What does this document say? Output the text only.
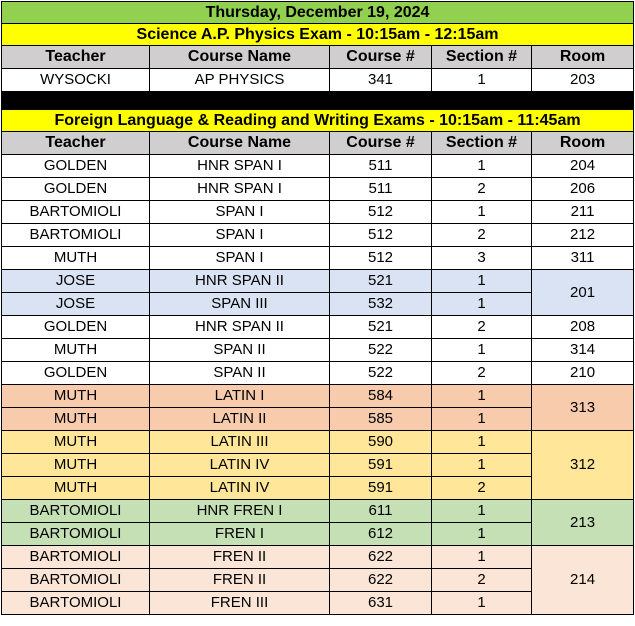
Thursday, December 19, 2024				
Science A.P. Physics Exam - 10:15am - 12:15am				
Teacher	Course Name	Course #	Section #	Room
WYSOCKI	AP PHYSICS	341	1	203

Foreign Language & Reading and Writing Exams - 10:15am - 11:45am				
Teacher	Course Name	Course #	Section #	Room
GOLDEN	HNR SPAN I	511	1	204
GOLDEN	HNR SPAN I	511	2	206
BARTOMIOLI	SPAN I	512	1	211
BARTOMIOLI	SPAN I	512	2	212
MUTH	SPAN I	512	3	311
JOSE	HNR SPAN II	521	1	201
JOSE	SPAN III	532	1	
GOLDEN	HNR SPAN II	521	2	208
MUTH	SPAN II	522	1	314
GOLDEN	SPAN II	522	2	210
MUTH	LATIN I	584	1	313
MUTH	LATIN II	585	1	
MUTH	LATIN III	590	1	312
MUTH	LATIN IV	591	1	
MUTH	LATIN IV	591	2	
BARTOMIOLI	HNR FREN I	611	1	213
BARTOMIOLI	FREN I	612	1	
BARTOMIOLI	FREN II	622	1	214
BARTOMIOLI	FREN II	622	2	
BARTOMIOLI	FREN III	631	1	
